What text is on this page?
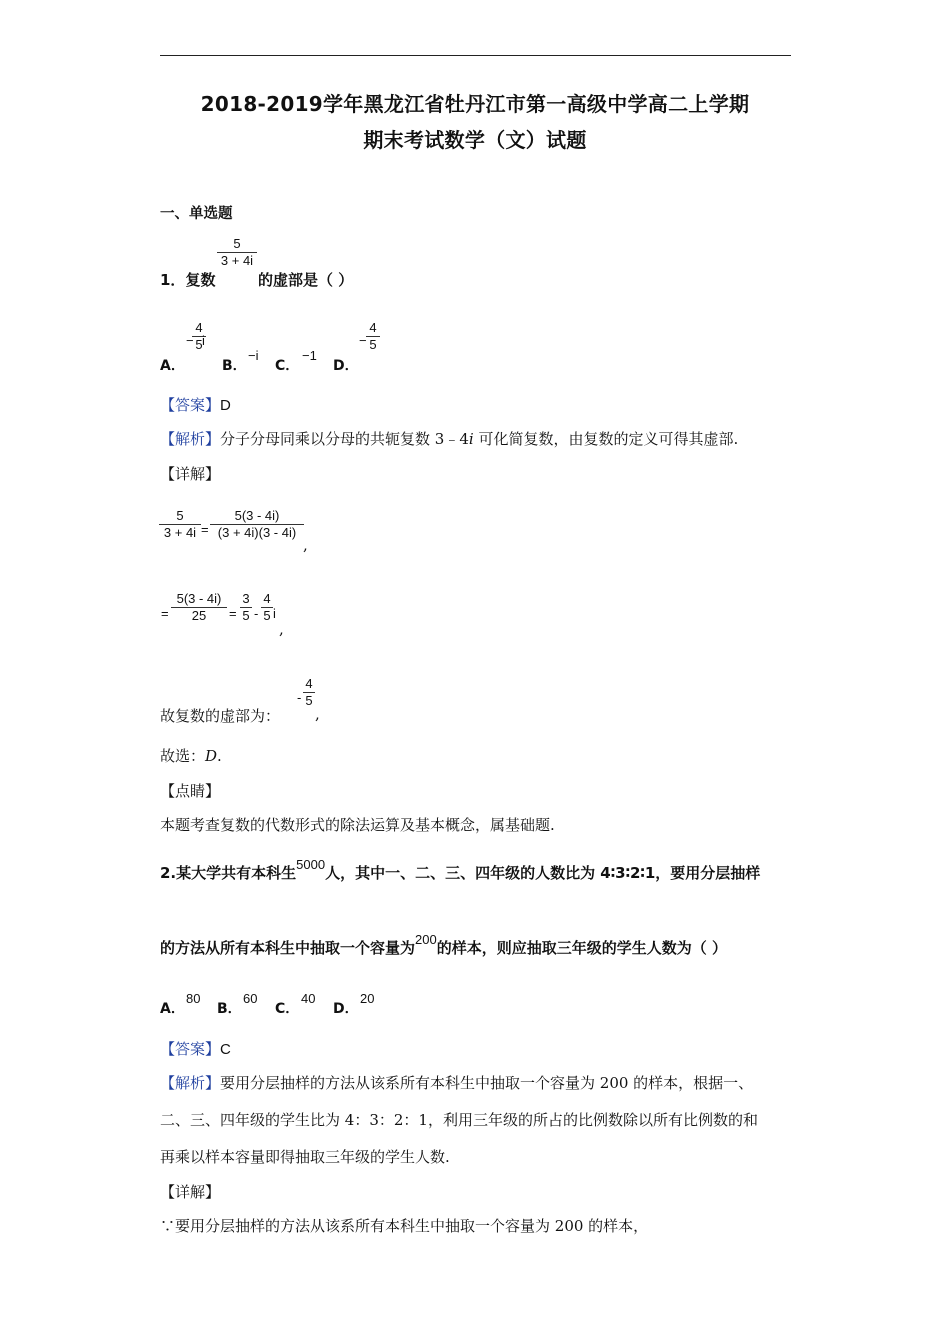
2018-2019学年黑龙江省牡丹江市第一高级中学高二上学期
期末考试数学（文）试题
一、单选题
1．复数
$\frac{5}{3 + 4i}$
的虚部是（ ）
A．
−
$\frac{4}{5}$
i
B．
−i
C．
−1
D．
− $\frac{4}{5}$
【答案】D
【解析】分子分母同乘以分母的共轭复数 3﹣4i 可化简复数，由复数的定义可得其虚部.
【详解】
$\frac{5}{3 + 4i} = \frac{5(3 - 4i)}{(3 + 4i)(3 - 4i)}$
,
= $\frac{5(3 - 4i)}{25} = \frac{3}{5} - \frac{4}{5}$ i
,
故复数的虚部为：
- $\frac{4}{5}$
,
故选：D.
【点睛】
本题考查复数的代数形式的除法运算及基本概念，属基础题.
2.某大学共有本科生5000人，其中一、二、三、四年级的人数比为 4∶3∶2∶1，要用分层抽样
的方法从所有本科生中抽取一个容量为200的样本，则应抽取三年级的学生人数为（ ）
A．
80
B．
60
C．
40
D．
20
【答案】C
【解析】要用分层抽样的方法从该系所有本科生中抽取一个容量为 200 的样本，根据一、
二、三、四年级的学生比为 4：3：2：1，利用三年级的所占的比例数除以所有比例数的和
再乘以样本容量即得抽取三年级的学生人数.
【详解】
∵要用分层抽样的方法从该系所有本科生中抽取一个容量为 200 的样本，
